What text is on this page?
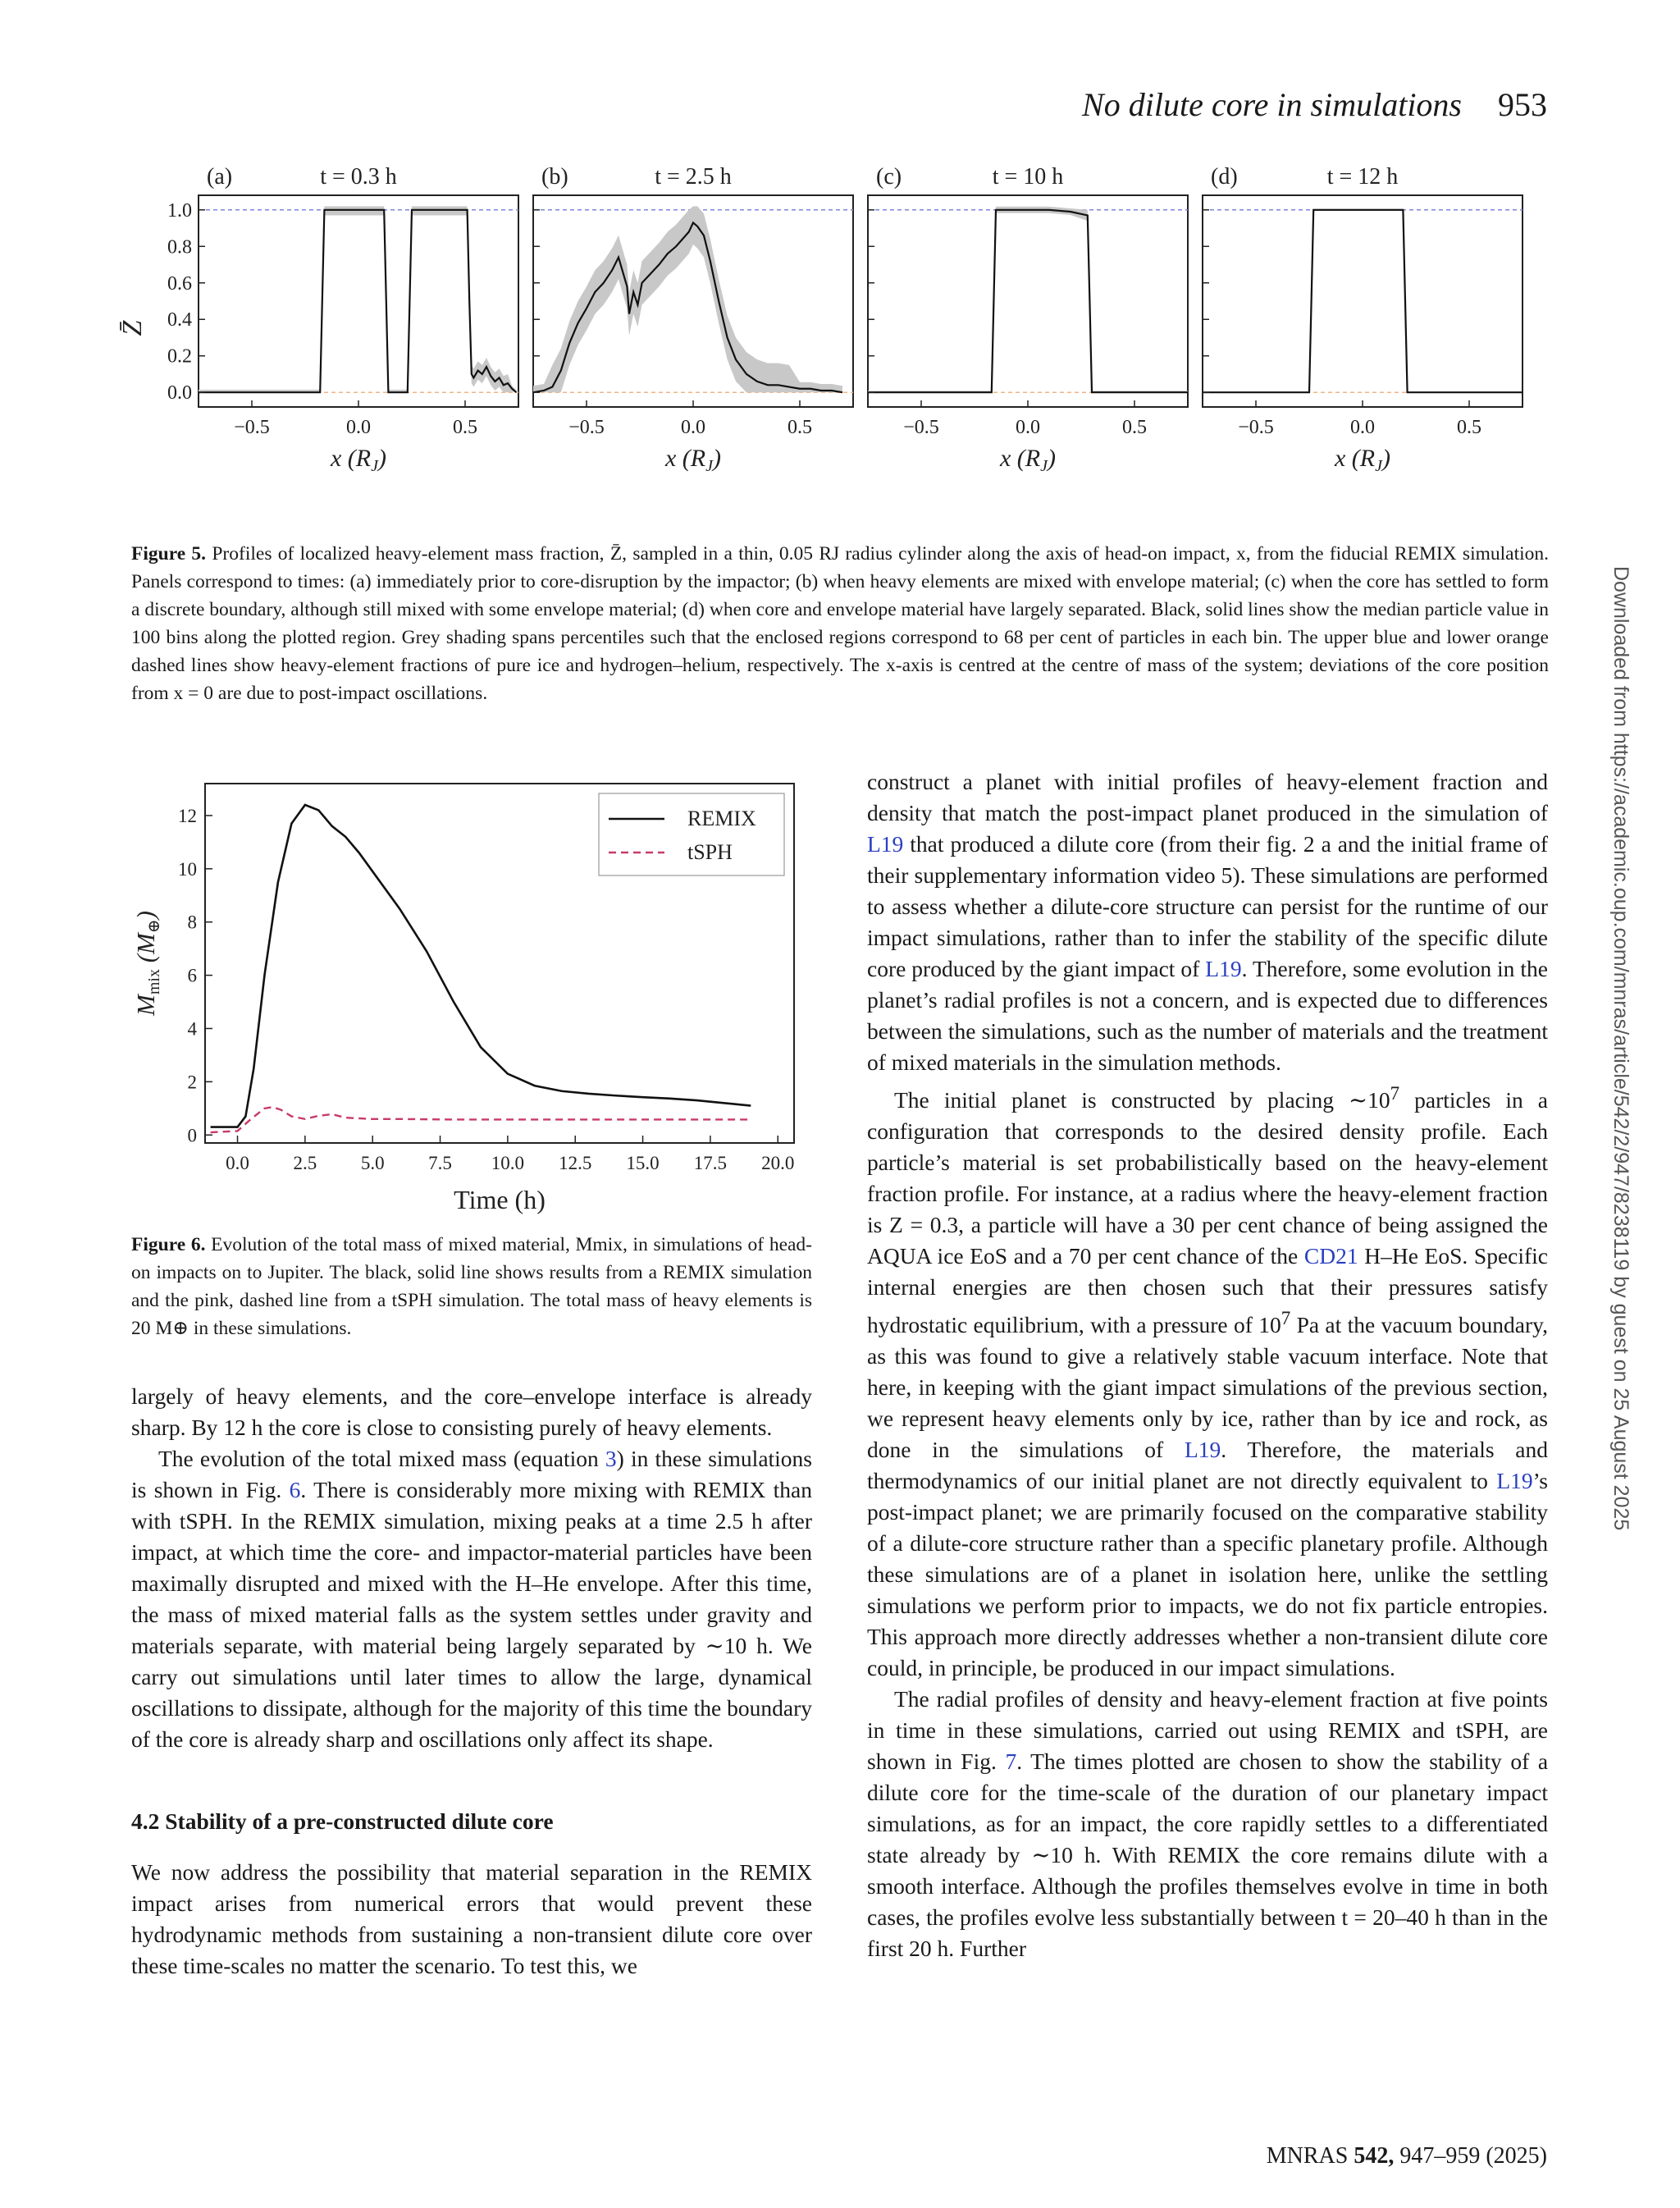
No dilute core in simulations 953
Z̄
−0.5	0.0	0.5
0.0
0.2
0.4
0.6
0.8
1.0
(a)	t = 0.3 h
x $(R_J)$
−0.5	0.0	0.5
(b)	t = 2.5 h
x $(R_J)$
−0.5	0.0	0.5
(c)	t = 10 h
x $(R_J)$
−0.5	0.0	0.5
(d)	t = 12 h
x $(R_J)$
Figure 5. Profiles of localized heavy-element mass fraction, Z̄, sampled in a thin, 0.05 RJ radius cylinder along the axis of head-on impact, x, from the fiducial REMIX simulation. Panels correspond to times: (a) immediately prior to core-disruption by the impactor; (b) when heavy elements are mixed with envelope material; (c) when the core has settled to form a discrete boundary, although still mixed with some envelope material; (d) when core and envelope material have largely separated. Black, solid lines show the median particle value in 100 bins along the plotted region. Grey shading spans percentiles such that the enclosed regions correspond to 68 per cent of particles in each bin. The upper blue and lower orange dashed lines show heavy-element fractions of pure ice and hydrogen–helium, respectively. The x-axis is centred at the centre of mass of the system; deviations of the core position from x = 0 are due to post-impact oscillations.
0.0 2.5 5.0 7.5 10.0 12.5 15.0 17.5 20.0
0
2
4
6
8
10
12	REMIX
tSPH
Time (h)
Mmix (M⊕)
Figure 6. Evolution of the total mass of mixed material, Mmix, in simulations of head-on impacts on to Jupiter. The black, solid line shows results from a REMIX simulation and the pink, dashed line from a tSPH simulation. The total mass of heavy elements is 20 M⊕ in these simulations.

largely of heavy elements, and the core–envelope interface is already sharp. By 12 h the core is close to consisting purely of heavy elements.

The evolution of the total mixed mass (equation 3) in these simulations is shown in Fig. 6. There is considerably more mixing with REMIX than with tSPH. In the REMIX simulation, mixing peaks at a time 2.5 h after impact, at which time the core- and impactor-material particles have been maximally disrupted and mixed with the H–He envelope. After this time, the mass of mixed material falls as the system settles under gravity and materials separate, with material being largely separated by ∼10 h. We carry out simulations until later times to allow the large, dynamical oscillations to dissipate, although for the majority of this time the boundary of the core is already sharp and oscillations only affect its shape.

4.2 Stability of a pre-constructed dilute core

We now address the possibility that material separation in the REMIX impact arises from numerical errors that would prevent these hydrodynamic methods from sustaining a non-transient dilute core over these time-scales no matter the scenario. To test this, we

construct a planet with initial profiles of heavy-element fraction and density that match the post-impact planet produced in the simulation of L19 that produced a dilute core (from their fig. 2 a and the initial frame of their supplementary information video 5). These simulations are performed to assess whether a dilute-core structure can persist for the runtime of our impact simulations, rather than to infer the stability of the specific dilute core produced by the giant impact of L19. Therefore, some evolution in the planet’s radial profiles is not a concern, and is expected due to differences between the simulations, such as the number of materials and the treatment of mixed materials in the simulation methods.

The initial planet is constructed by placing $\sim 10^7$ particles in a configuration that corresponds to the desired density profile. Each particle’s material is set probabilistically based on the heavy-element fraction profile. For instance, at a radius where the heavy-element fraction is Z = 0.3, a particle will have a 30 per cent chance of being assigned the AQUA ice EoS and a 70 per cent chance of the CD21 H–He EoS. Specific internal energies are then chosen such that their pressures satisfy hydrostatic equilibrium, with a pressure of $10^7$ Pa at the vacuum boundary, as this was found to give a relatively stable vacuum interface. Note that here, in keeping with the giant impact simulations of the previous section, we represent heavy elements only by ice, rather than by ice and rock, as done in the simulations of L19. Therefore, the materials and thermodynamics of our initial planet are not directly equivalent to L19’s post-impact planet; we are primarily focused on the comparative stability of a dilute-core structure rather than a specific planetary profile. Although these simulations are of a planet in isolation here, unlike the settling simulations we perform prior to impacts, we do not fix particle entropies. This approach more directly addresses whether a non-transient dilute core could, in principle, be produced in our impact simulations.

The radial profiles of density and heavy-element fraction at five points in time in these simulations, carried out using REMIX and tSPH, are shown in Fig. 7. The times plotted are chosen to show the stability of a dilute core for the time-scale of the duration of our planetary impact simulations, as for an impact, the core rapidly settles to a differentiated state already by ∼10 h. With REMIX the core remains dilute with a smooth interface. Although the profiles themselves evolve in time in both cases, the profiles evolve less substantially between t = 20–40 h than in the first 20 h. Further

Downloaded from https://academic.oup.com/mnras/article/542/2/947/8238119 by guest on 25 August 2025
MNRAS 542, 947–959 (2025)
